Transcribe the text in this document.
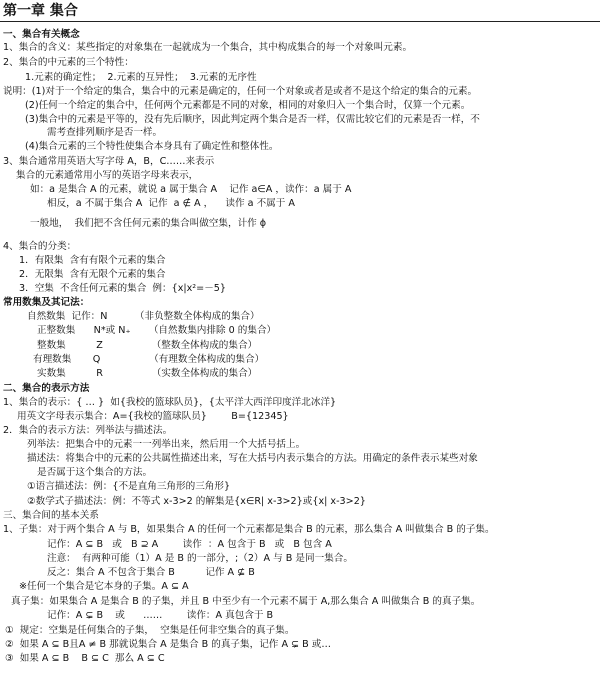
第一章 集合
一、集合有关概念
1、集合的含义：某些指定的对象集在一起就成为一个集合，其中构成集合的每一个对象叫元素。
2、集合的中元素的三个特性：
1.元素的确定性；  2.元素的互异性；  3.元素的无序性
说明：(1)对于一个给定的集合，集合中的元素是确定的，任何一个对象或者是或者不是这个给定的集合的元素。
(2)任何一个给定的集合中，任何两个元素都是不同的对象，相同的对象归入一个集合时，仅算一个元素。
(3)集合中的元素是平等的，没有先后顺序，因此判定两个集合是否一样，仅需比较它们的元素是否一样，不
需考查排列顺序是否一样。
(4)集合元素的三个特性使集合本身具有了确定性和整体性。
3、集合通常用英语大写字母 A，B，C……来表示
集合的元素通常用小写的英语字母来表示，
如：a 是集合 A 的元素，就说 a 属于集合 A    记作 a∈A ，读作：a 属于 A
相反，a 不属于集合 A  记作  a ∉ A ，    读作 a 不属于 A
一般地，  我们把不含任何元素的集合叫做空集，计作 ϕ
4、集合的分类：
1．有限集  含有有限个元素的集合
2．无限集  含有无限个元素的集合
3．空集  不含任何元素的集合  例：{x|x²=－5}
常用数集及其记法：
自然数集  记作：N         （非负整数全体构成的集合）
正整数集      N*或 N₊      （自然数集内排除 0 的集合）
整数集          Z                （整数全体构成的集合）
有理数集       Q                （有理数全体构成的集合）
实数集          R                （实数全体构成的集合）
二、集合的表示方法
1、集合的表示：{ … }  如{我校的篮球队员}，{太平洋大西洋印度洋北冰洋}
用英文字母表示集合：A={我校的篮球队员}        B={12345}
2．集合的表示方法：列举法与描述法。
列举法：把集合中的元素一一列举出来，然后用一个大括号括上。
描述法：将集合中的元素的公共属性描述出来，写在大括号内表示集合的方法。用确定的条件表示某些对象
是否属于这个集合的方法。
①语言描述法：例：{不是直角三角形的三角形}
②数学式子描述法：例：不等式 x-3>2 的解集是{x∈R| x-3>2}或{x| x-3>2}
三、集合间的基本关系
1、子集：对于两个集合 A 与 B，如果集合 A 的任何一个元素都是集合 B 的元素，那么集合 A 叫做集合 B 的子集。
记作：A ⊆ B   或   B ⊇ A        读作  ：A 包含于 B   或   B 包含 A
注意：  有两种可能（1）A 是 B 的一部分，;（2）A 与 B 是同一集合。
反之：集合 A 不包含于集合 B          记作 A ⊈ B
※任何一个集合是它本身的子集。A ⊆ A
真子集：如果集合 A 是集合 B 的子集，并且 B 中至少有一个元素不属于 A,那么集合 A 叫做集合 B 的真子集。
记作：A ⊊ B    或      ……        读作：A 真包含于 B
①  规定：空集是任何集合的子集，  空集是任何非空集合的真子集。
②  如果 A ⊆ B且A ≠ B 那就说集合 A 是集合 B 的真子集，记作 A ⊊ B 或…
③  如果 A ⊆ B    B ⊆ C  那么 A ⊆ C
